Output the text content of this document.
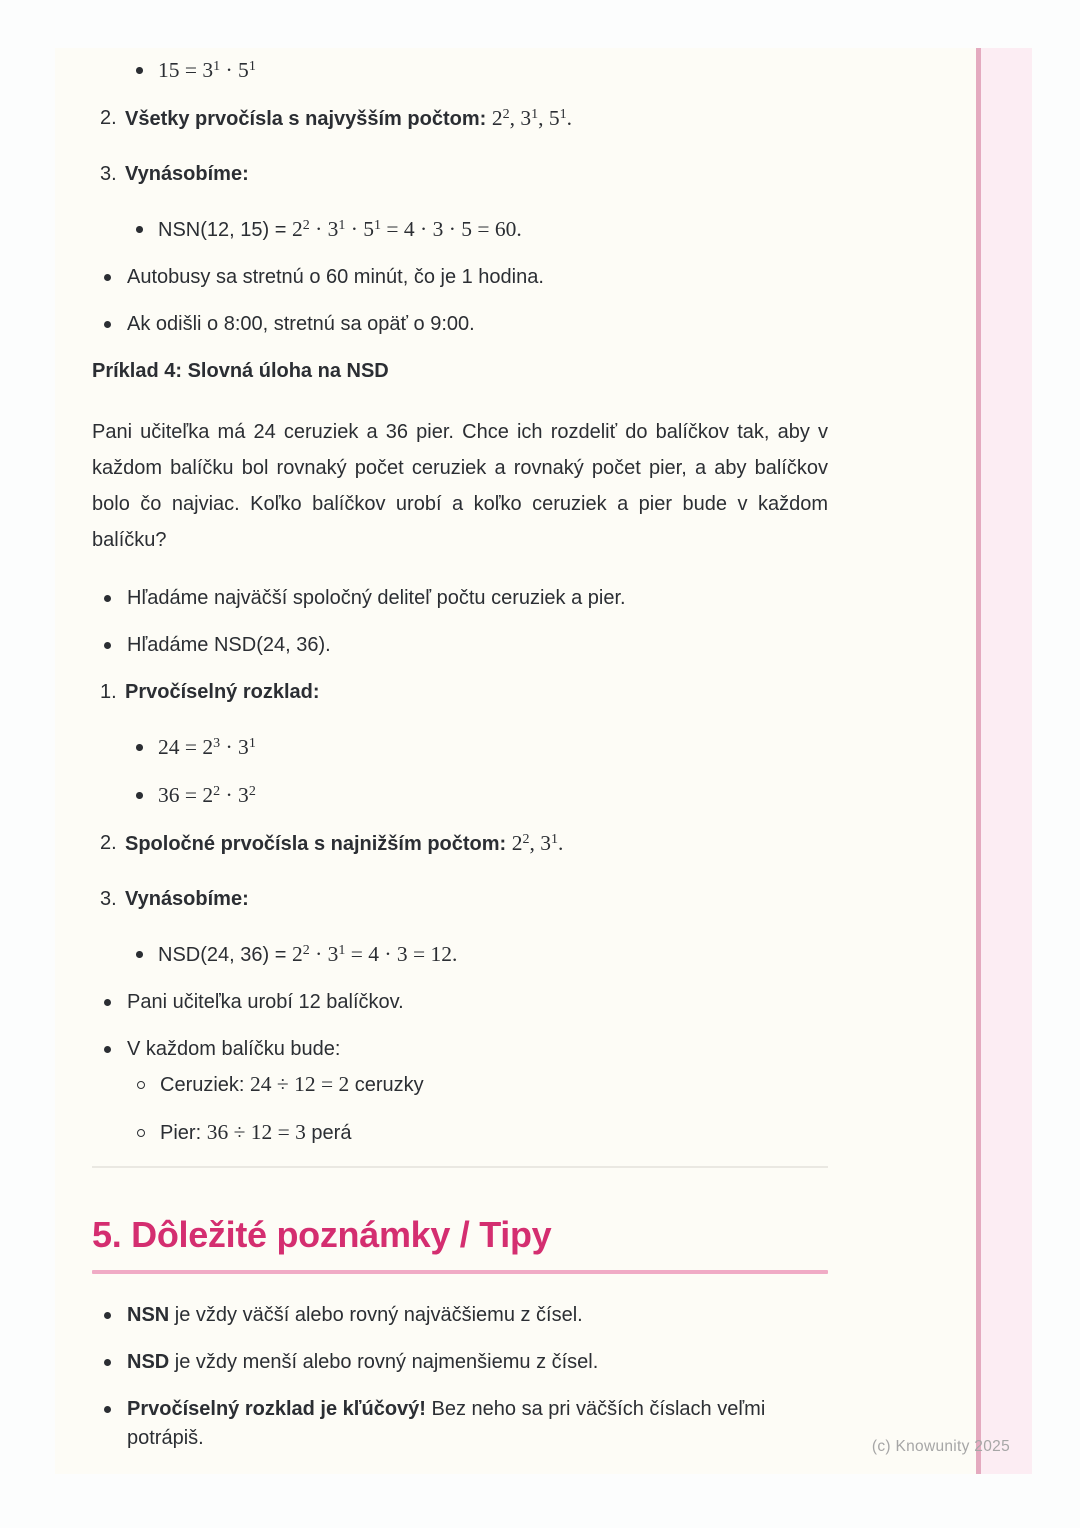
$15 = 3^1 \cdot 5^1$
2. Všetky prvočísla s najvyšším počtom: $2^2$, $3^1$, $5^1$.
3. Vynásobíme:
NSN(12, $15) = 2^2 \cdot 3^1 \cdot 5^1 = 4 \cdot 3 \cdot 5 = 60$.
Autobusy sa stretnú o 60 minút, čo je 1 hodina.
Ak odišli o 8:00, stretnú sa opäť o 9:00.
Príklad 4: Slovná úloha na NSD
Pani učiteľka má 24 ceruziek a 36 pier. Chce ich rozdeliť do balíčkov tak, aby v každom balíčku bol rovnaký počet ceruziek a rovnaký počet pier, a aby balíčkov bolo čo najviac. Koľko balíčkov urobí a koľko ceruziek a pier bude v každom balíčku?
Hľadáme najväčší spoločný deliteľ počtu ceruziek a pier.
Hľadáme NSD(24, 36).
1. Prvočíselný rozklad:
$24 = 2^3 \cdot 3^1$
$36 = 2^2 \cdot 3^2$
2. Spoločné prvočísla s najnižším počtom: $2^2$, $3^1$.
3. Vynásobíme:
NSD(24, $36) = 2^2 \cdot 3^1 = 4 \cdot 3 = 12$.
Pani učiteľka urobí 12 balíčkov.
V každom balíčku bude:
Ceruziek: 24 ÷ 12 = 2 ceruzky
Pier: 36 ÷ 12 = 3 perá
5. Dôležité poznámky / Tipy
NSN je vždy väčší alebo rovný najväčšiemu z čísel.
NSD je vždy menší alebo rovný najmenšiemu z čísel.
Prvočíselný rozklad je kľúčový! Bez neho sa pri väčších číslach veľmi potrápiš.	(c) Knowunity 2025
